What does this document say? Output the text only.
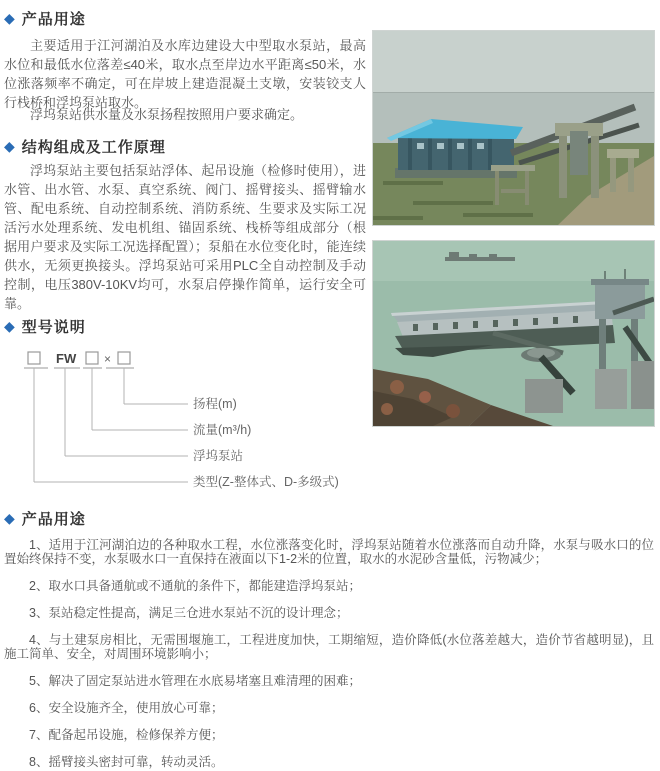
◆ 产品用途

主要适用于江河湖泊及水库边建设大中型取水泵站，最高水位和最低水位落差≤40米，取水点至岸边水平距离≤50米，水位涨落频率不确定，可在岸坡上建造混凝土支墩，安装铰支人行栈桥和浮坞泵站取水。

浮坞泵站供水量及水泵扬程按照用户要求确定。

◆ 结构组成及工作原理

浮坞泵站主要包括泵站浮体、起吊设施（检修时使用），进水管、出水管、水泵、真空系统、阀门、摇臂接头、摇臂输水管、配电系统、自动控制系统、消防系统、生要求及实际工况活污水处理系统、发电机组、锚固系统、栈桥等组成部分（根据用户要求及实际工况选择配置）；泵船在水位变化时，能连续供水，无须更换接头。浮坞泵站可采用PLC全自动控制及手动控制，电压380V-10KV均可，水泵启停操作简单，运行安全可靠。

◆ 型号说明
FW ×
扬程(m)
流量(m³/h)
浮坞泵站
类型(Z-整体式、D-多级式)
◆ 产品用途
1、适用于江河湖泊边的各种取水工程，水位涨落变化时，浮坞泵站随着水位涨落而自动升降，水泵与吸水口的位置始终保持不变，水泵吸水口一直保持在液面以下1-2米的位置，取水的水泥砂含量低，污物减少；
2、取水口具备通航或不通航的条件下，都能建造浮坞泵站；
3、泵站稳定性提高，满足三仓进水泵站不沉的设计理念；
4、与土建泵房相比，无需围堰施工，工程进度加快，工期缩短，造价降低(水位落差越大，造价节省越明显)，且施工简单、安全，对周围环境影响小；
5、解决了固定泵站进水管理在水底易堵塞且难清理的困难；
6、安全设施齐全，使用放心可靠；
7、配备起吊设施，检修保养方便；
8、摇臂接头密封可靠，转动灵活。
